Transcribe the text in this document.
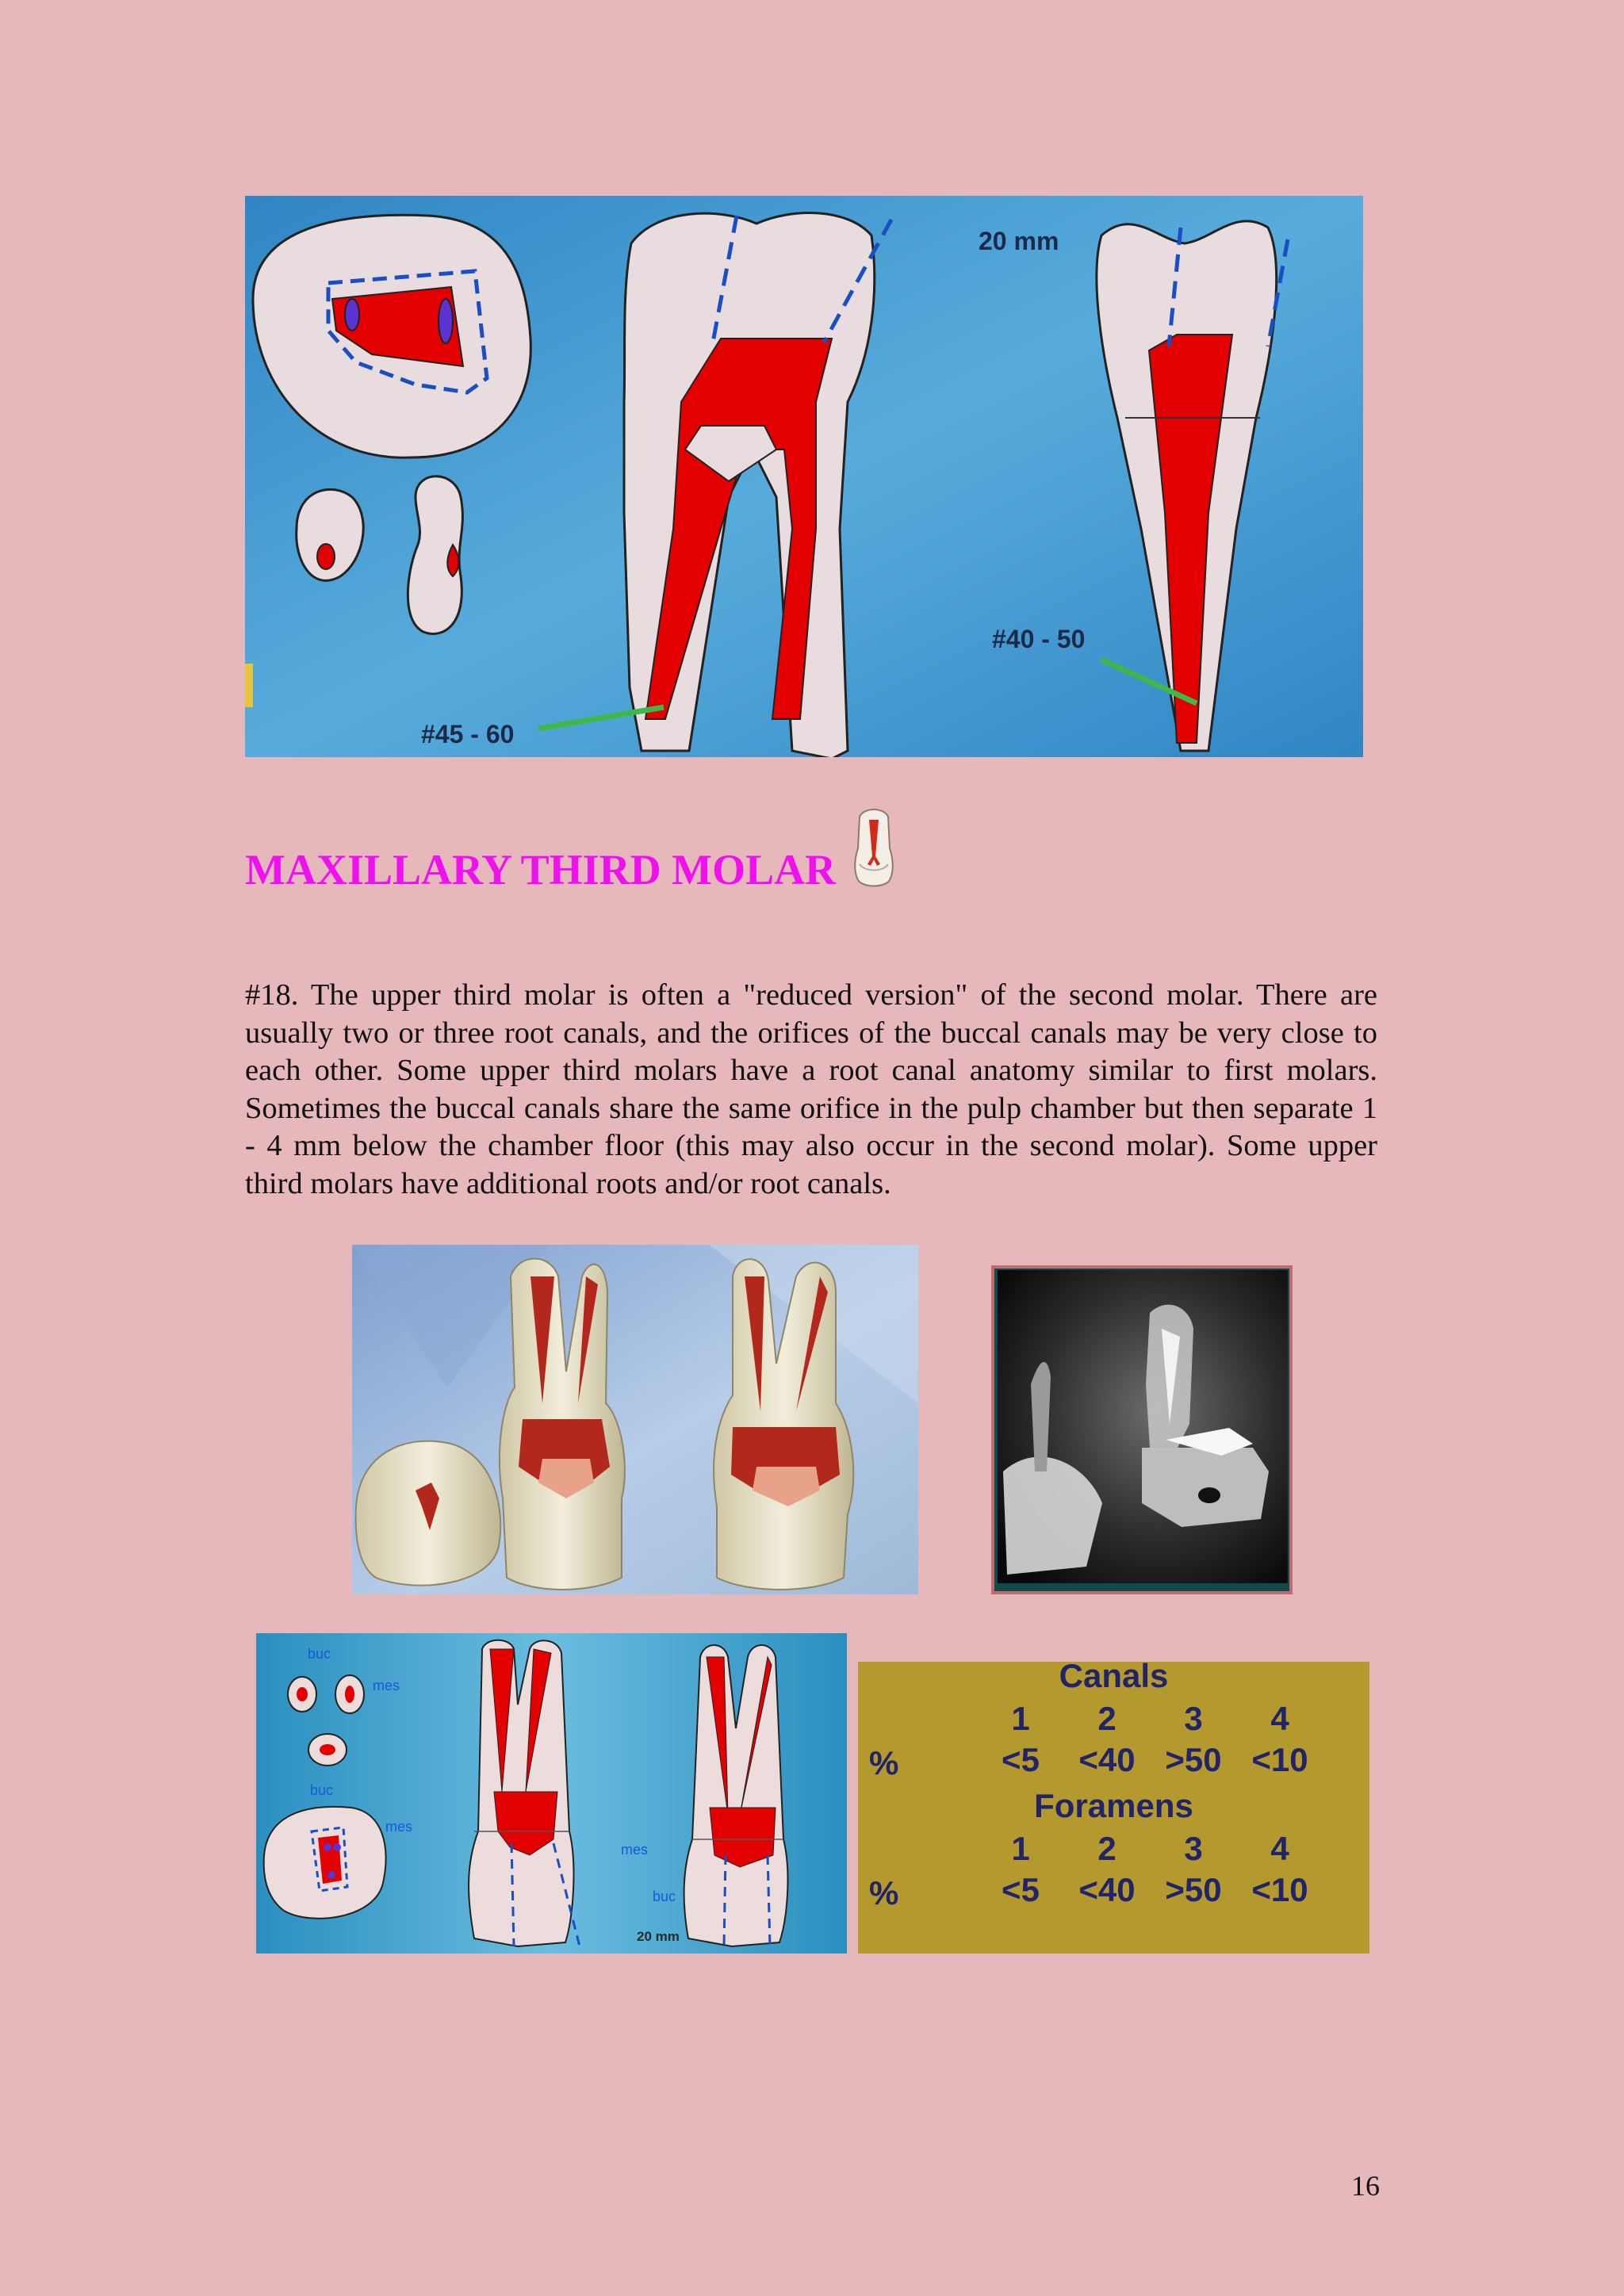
20 mm
#45 - 60
#40 - 50
MAXILLARY THIRD MOLAR
#18. The upper third molar is often a "reduced version" of the second molar. There are usually two or three root canals, and the orifices of the buccal canals may be very close to each other. Some upper third molars have a root canal anatomy similar to first molars. Sometimes the buccal canals share the same orifice in the pulp chamber but then separate 1 - 4 mm below the chamber floor (this may also occur in the second molar). Some upper third molars have additional roots and/or root canals.
buc
mes
buc
mes
mes
buc
20 mm
Canals
1	2	3	4
%	<5	<40 >50 <10
Foramens
1	2	3	4
%	<5	<40 >50 <10
16
